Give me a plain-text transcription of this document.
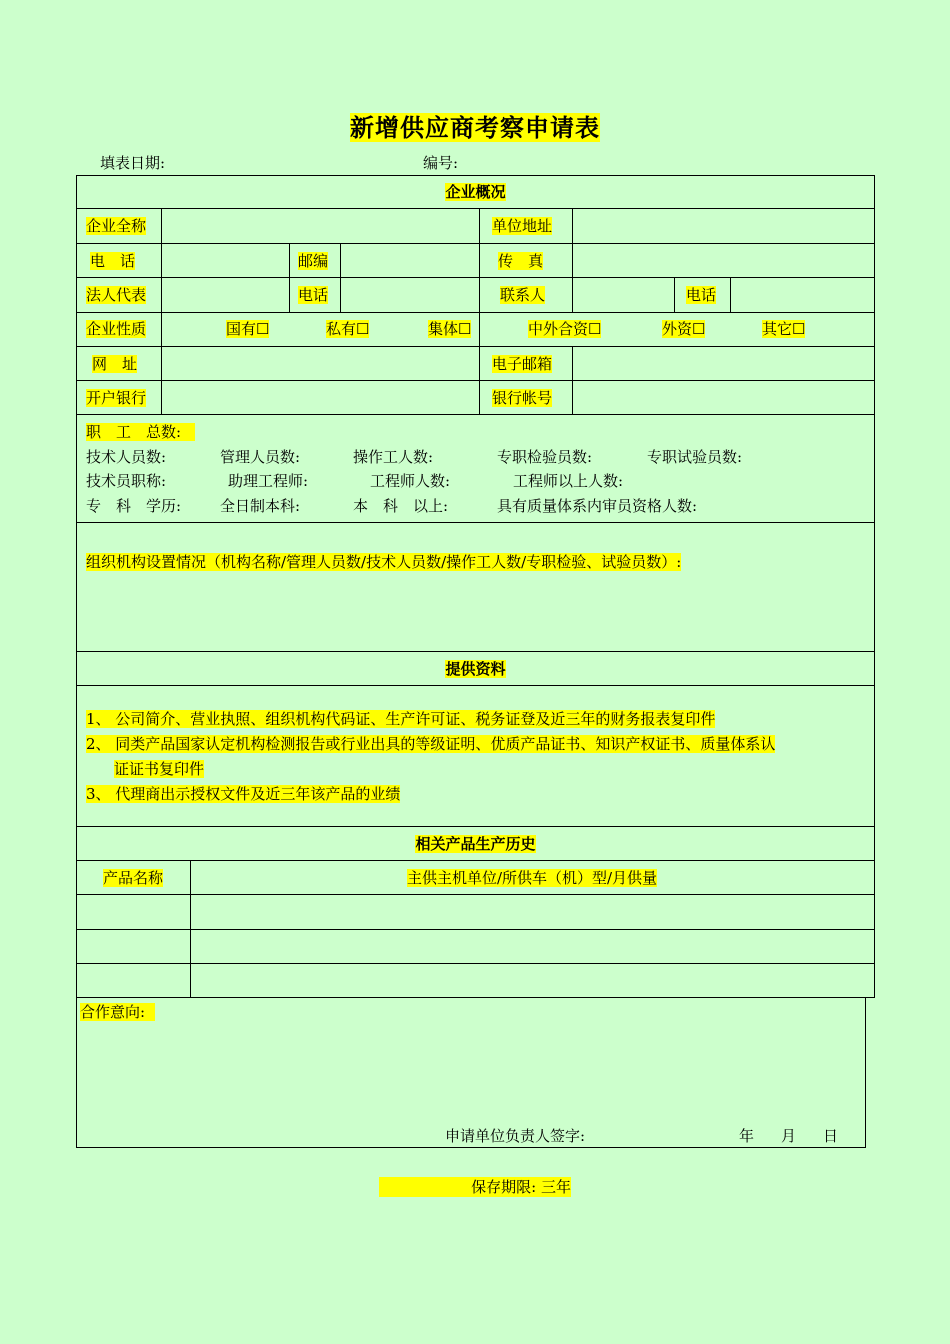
新增供应商考察申请表
填表日期:	编号:
企业概况
企业全称	单位地址
电　话	邮编	传　真
法人代表	电话	联系人	电话
企业性质	国有☐	私有☐	集体☐	中外合资☐	外资☐	其它☐
网　址	电子邮箱
开户银行	银行帐号
职　工　总数:
技术人员数:	管理人员数:	操作工人数:	专职检验员数:	专职试验员数:
技术员职称:	助理工程师:	工程师人数:	工程师以上人数:
专　科　学历:	全日制本科:	本　科　以上:	具有质量体系内审员资格人数:
组织机构设置情况（机构名称/管理人员数/技术人员数/操作工人数/专职检验、试验员数）:
提供资料
1、 公司简介、营业执照、组织机构代码证、生产许可证、税务证登及近三年的财务报表复印件
2、 同类产品国家认定机构检测报告或行业出具的等级证明、优质产品证书、知识产权证书、质量体系认
证证书复印件
3、 代理商出示授权文件及近三年该产品的业绩
相关产品生产历史
产品名称	主供主机单位/所供车（机）型/月供量
合作意向:
申请单位负责人签字:	年 月 日
保存期限: 三年
